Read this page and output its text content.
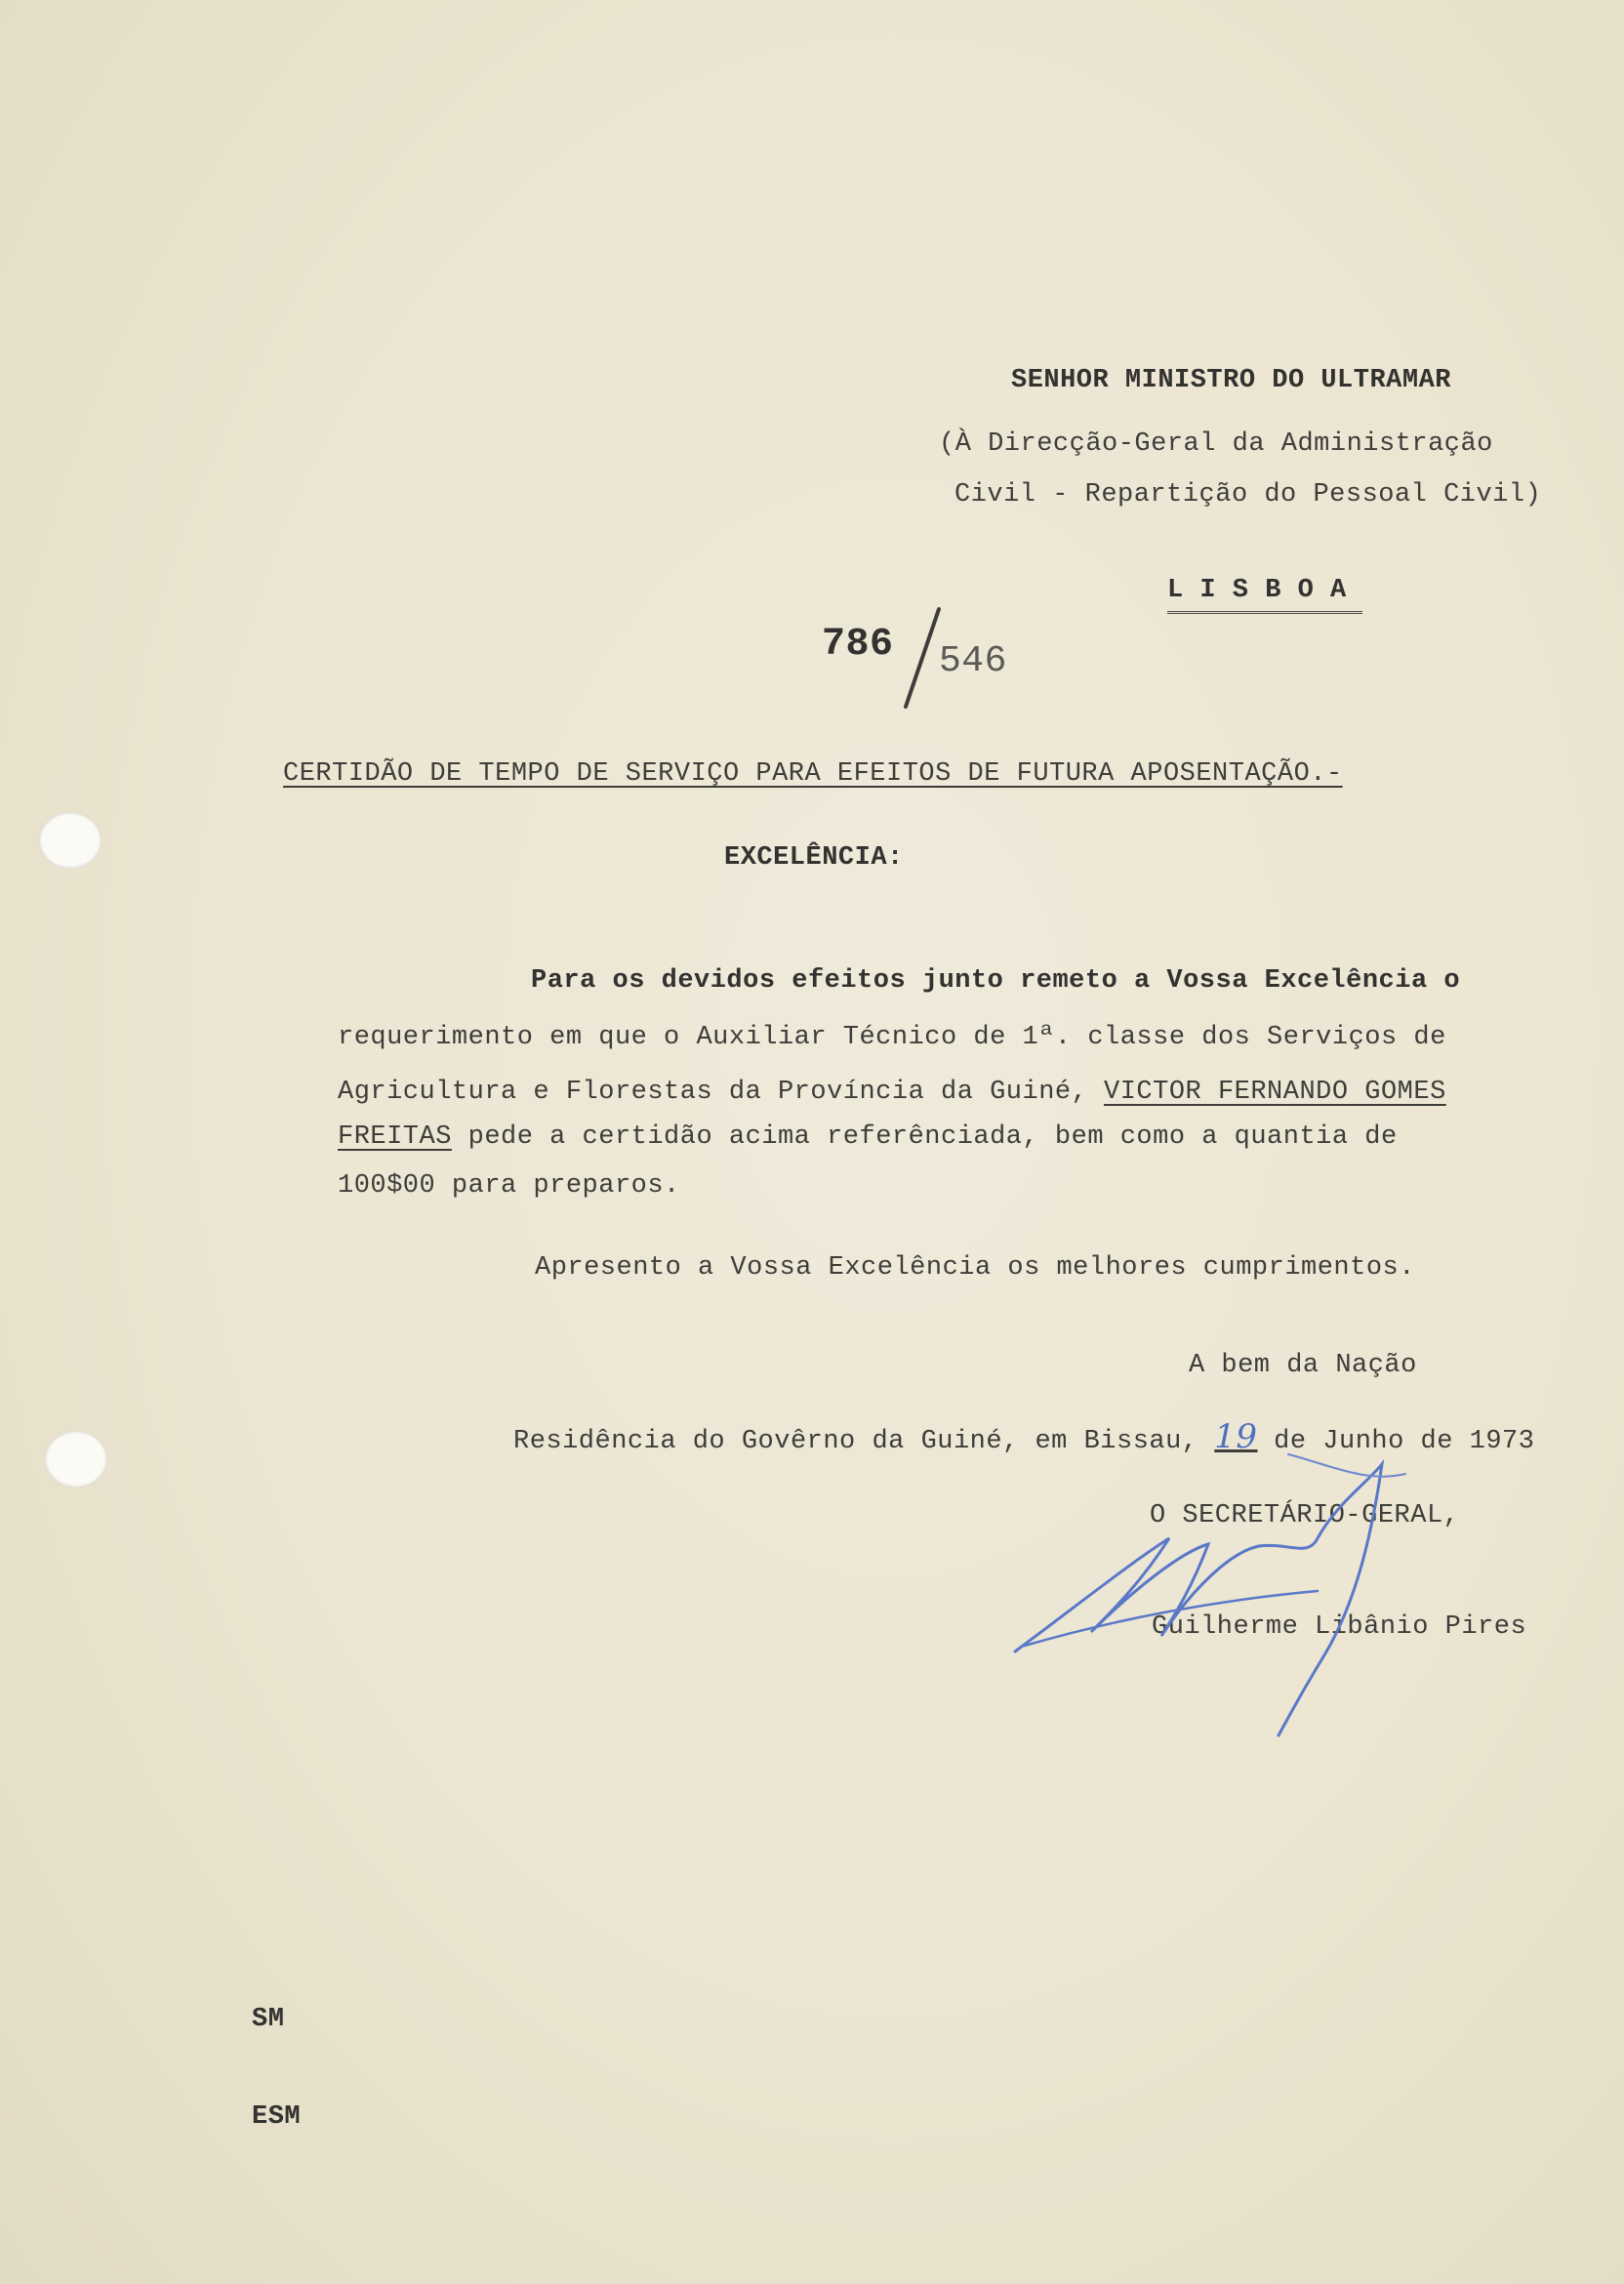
SENHOR MINISTRO DO ULTRAMAR
(À Direcção-Geral da Administração
Civil - Repartição do Pessoal Civil)
L I S B O A
786 546
CERTIDÃO DE TEMPO DE SERVIÇO PARA EFEITOS DE FUTURA APOSENTAÇÃO.-
EXCELÊNCIA:
Para os devidos efeitos junto remeto a Vossa Excelência o
requerimento em que o Auxiliar Técnico de 1ª. classe dos Serviços de
Agricultura e Florestas da Província da Guiné, VICTOR FERNANDO GOMES
FREITAS pede a certidão acima referênciada, bem como a quantia de
100$00 para preparos.
Apresento a Vossa Excelência os melhores cumprimentos.
A bem da Nação
Residência do Govêrno da Guiné, em Bissau, 19 de Junho de 1973
O SECRETÁRIO-GERAL,
Guilherme Libânio Pires
SM
ESM
